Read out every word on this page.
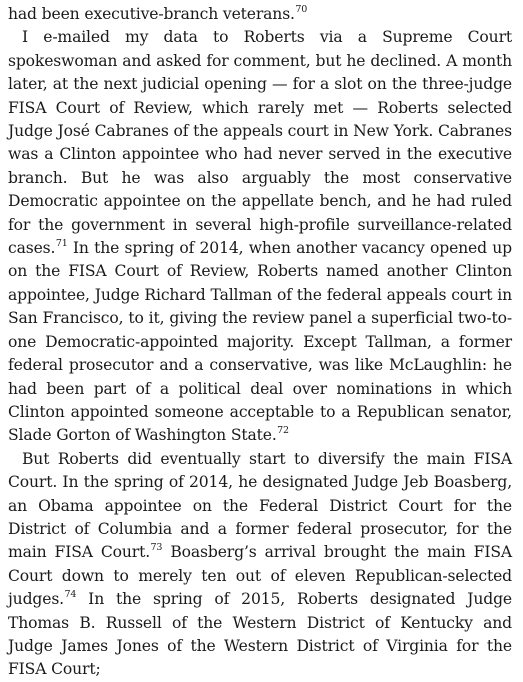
had been executive-branch veterans.$^{70}$

I e-mailed my data to Roberts via a Supreme Court spokeswoman and asked for comment, but he declined. A month later, at the next judicial opening — for a slot on the three-judge FISA Court of Review, which rarely met — Roberts selected Judge José Cabranes of the appeals court in New York. Cabranes was a Clinton appointee who had never served in the executive branch. But he was also arguably the most conservative Democratic appointee on the appellate bench, and he had ruled for the government in several high-profile surveillance-related cases.$^{71}$ In the spring of 2014, when another vacancy opened up on the FISA Court of Review, Roberts named another Clinton appointee, Judge Richard Tallman of the federal appeals court in San Francisco, to it, giving the review panel a superficial two-to-one Democratic-appointed majority. Except Tallman, a former federal prosecutor and a conservative, was like McLaughlin: he had been part of a political deal over nominations in which Clinton appointed someone acceptable to a Republican senator, Slade Gorton of Washington State.$^{72}$

But Roberts did eventually start to diversify the main FISA Court. In the spring of 2014, he designated Judge Jeb Boasberg, an Obama appointee on the Federal District Court for the District of Columbia and a former federal prosecutor, for the main FISA Court.$^{73}$ Boasberg’s arrival brought the main FISA Court down to merely ten out of eleven Republican-selected judges.$^{74}$ In the spring of 2015, Roberts designated Judge Thomas B. Russell of the Western District of Kentucky and Judge James Jones of the Western District of Virginia for the FISA Court;
